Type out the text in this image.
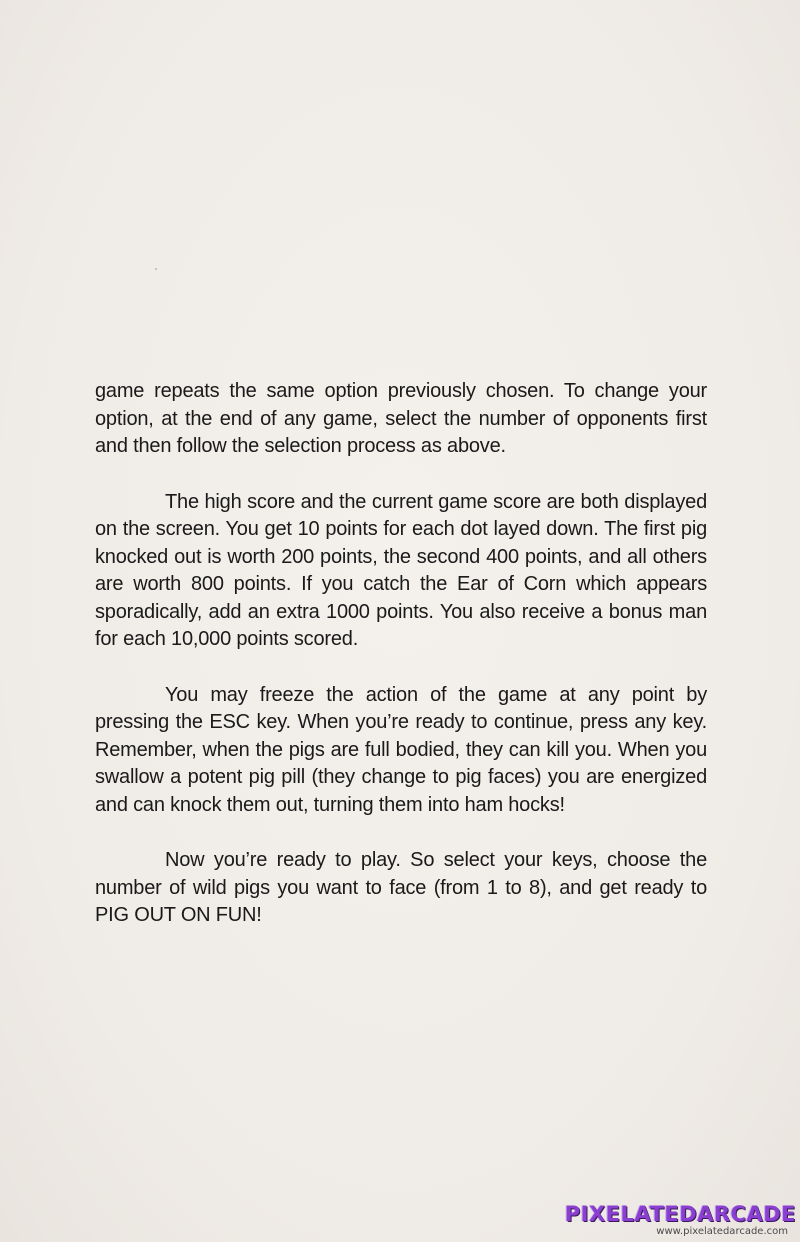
game repeats the same option previously chosen. To change your option, at the end of any game, select the number of opponents first and then follow the selection process as above.

The high score and the current game score are both displayed on the screen. You get 10 points for each dot layed down. The first pig knocked out is worth 200 points, the second 400 points, and all others are worth 800 points. If you catch the Ear of Corn which appears sporadically, add an extra 1000 points. You also receive a bonus man for each 10,000 points scored.

You may freeze the action of the game at any point by pressing the ESC key. When you’re ready to continue, press any key. Remember, when the pigs are full bodied, they can kill you. When you swallow a potent pig pill (they change to pig faces) you are energized and can knock them out, turning them into ham hocks!

Now you’re ready to play. So select your keys, choose the number of wild pigs you want to face (from 1 to 8), and get ready to PIG OUT ON FUN!

PIXELATEDARCADE
www.pixelatedarcade.com
